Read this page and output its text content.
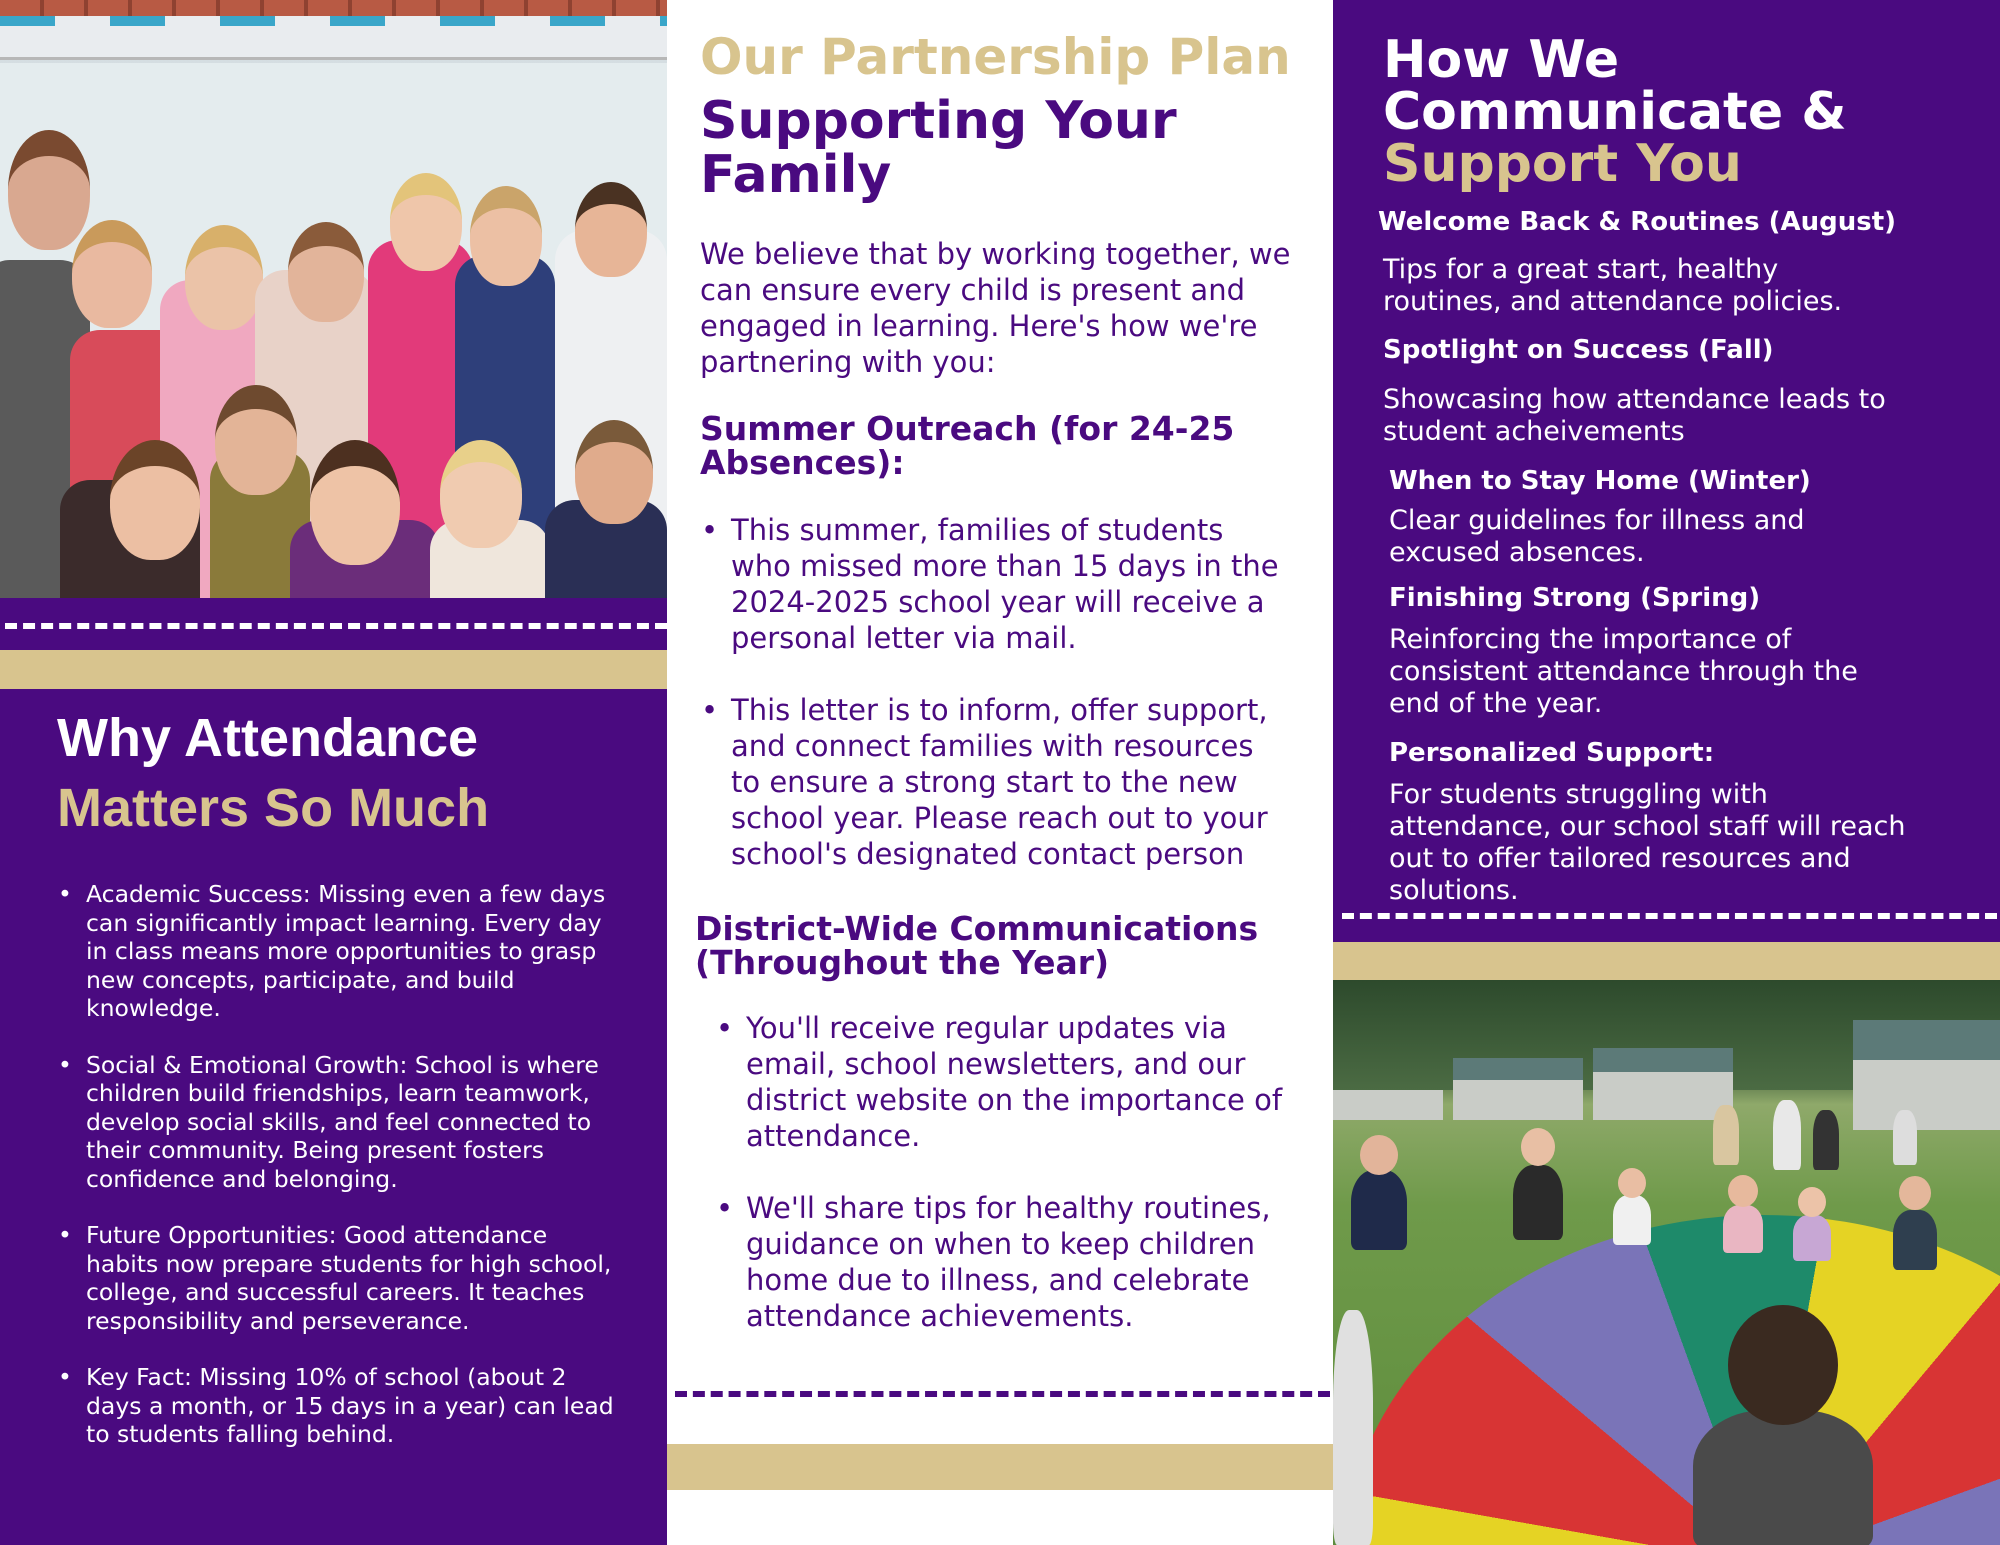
Why Attendance
Matters So Much
• Academic Success: Missing even a few days can significantly impact learning. Every day in class means more opportunities to grasp new concepts, participate, and build knowledge.
• Social & Emotional Growth: School is where children build friendships, learn teamwork, develop social skills, and feel connected to their community. Being present fosters confidence and belonging.
• Future Opportunities: Good attendance habits now prepare students for high school, college, and successful careers. It teaches responsibility and perseverance.
• Key Fact: Missing 10% of school (about 2 days a month, or 15 days in a year) can lead to students falling behind.
Our Partnership Plan
Supporting Your Family

We believe that by working together, we can ensure every child is present and engaged in learning. Here's how we're partnering with you:

Summer Outreach (for 24-25 Absences):
• This summer, families of students who missed more than 15 days in the 2024-2025 school year will receive a personal letter via mail.
• This letter is to inform, offer support, and connect families with resources to ensure a strong start to the new school year. Please reach out to your school's designated contact person
District-Wide Communications (Throughout the Year)
• You'll receive regular updates via email, school newsletters, and our district website on the importance of attendance.
• We'll share tips for healthy routines, guidance on when to keep children home due to illness, and celebrate attendance achievements.
How We
Communicate &
Support You
Welcome Back & Routines (August)
Tips for a great start, healthy routines, and attendance policies.
Spotlight on Success (Fall)
Showcasing how attendance leads to student acheivements
When to Stay Home (Winter)
Clear guidelines for illness and excused absences.
Finishing Strong (Spring)
Reinforcing the importance of consistent attendance through the end of the year.
Personalized Support:
For students struggling with attendance, our school staff will reach out to offer tailored resources and solutions.
